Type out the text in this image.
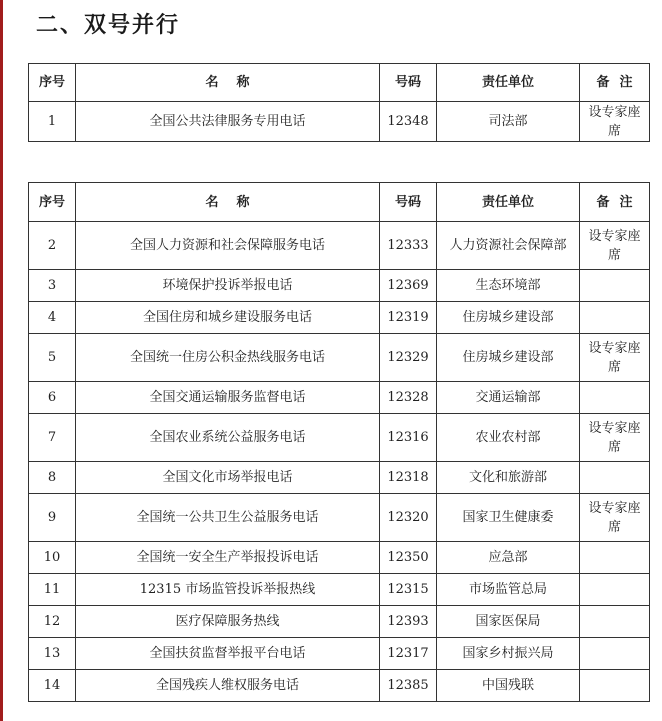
二、双号并行
序号	名称	号码	责任单位	备注
1	全国公共法律服务专用电话	12348	司法部	设专家座席
序号	名称	号码	责任单位	备注
2	全国人力资源和社会保障服务电话	12333	人力资源社会保障部	设专家座席
3	环境保护投诉举报电话	12369	生态环境部	
4	全国住房和城乡建设服务电话	12319	住房城乡建设部	
5	全国统一住房公积金热线服务电话	12329	住房城乡建设部	设专家座席
6	全国交通运输服务监督电话	12328	交通运输部	
7	全国农业系统公益服务电话	12316	农业农村部	设专家座席
8	全国文化市场举报电话	12318	文化和旅游部	
9	全国统一公共卫生公益服务电话	12320	国家卫生健康委	设专家座席
10	全国统一安全生产举报投诉电话	12350	应急部	
11	12315 市场监管投诉举报热线	12315	市场监管总局	
12	医疗保障服务热线	12393	国家医保局	
13	全国扶贫监督举报平台电话	12317	国家乡村振兴局	
14	全国残疾人维权服务电话	12385	中国残联	
